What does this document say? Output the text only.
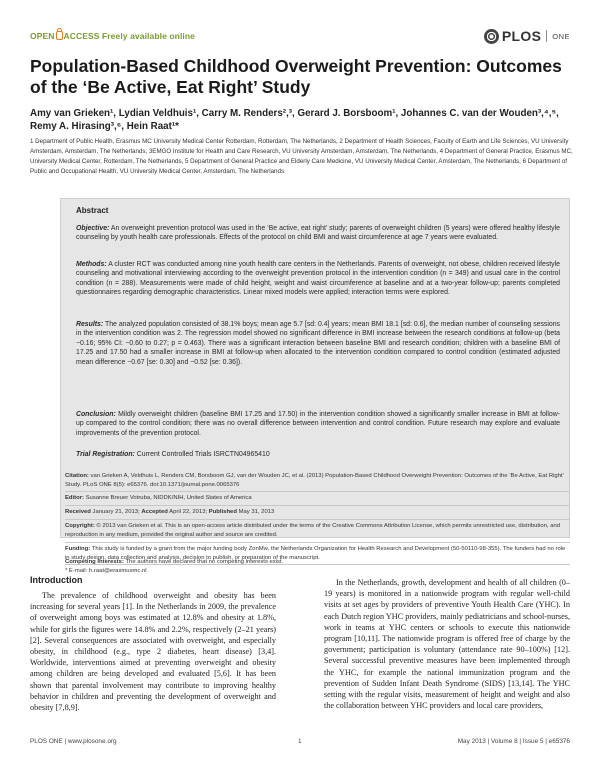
OPEN ACCESS Freely available online	PLOS ONE
Population-Based Childhood Overweight Prevention: Outcomes of the ‘Be Active, Eat Right’ Study
Amy van Grieken¹, Lydian Veldhuis¹, Carry M. Renders²,³, Gerard J. Borsboom¹, Johannes C. van der Wouden³,⁴,⁵, Remy A. Hirasing³,⁶, Hein Raat¹*
1 Department of Public Health, Erasmus MC University Medical Center Rotterdam, Rotterdam, The Netherlands, 2 Department of Health Sciences, Faculty of Earth and Life Sciences, VU University Amsterdam, Amsterdam, The Netherlands, 3EMGO Institute for Health and Care Research, VU University Amsterdam, Amsterdam, The Netherlands, 4 Department of General Practice, Erasmus MC, University Medical Center, Rotterdam, The Netherlands, 5 Department of General Practice and Elderly Care Medicine, VU University Medical Center, Amsterdam, The Netherlands, 6 Department of Public and Occupational Health, VU University Medical Center, Amsterdam, The Netherlands
Abstract

Objective: An overweight prevention protocol was used in the ‘Be active, eat right’ study; parents of overweight children (5 years) were offered healthy lifestyle counseling by youth health care professionals. Effects of the protocol on child BMI and waist circumference at age 7 years were evaluated.

Methods: A cluster RCT was conducted among nine youth health care centers in the Netherlands. Parents of overweight, not obese, children received lifestyle counseling and motivational interviewing according to the overweight prevention protocol in the intervention condition (n = 349) and usual care in the control condition (n = 288). Measurements were made of child height, weight and waist circumference at baseline and at a two-year follow-up; parents completed questionnaires regarding demographic characteristics. Linear mixed models were applied; interaction terms were explored.

Results: The analyzed population consisted of 38.1% boys; mean age 5.7 [sd: 0.4] years; mean BMI 18.1 [sd: 0.6], the median number of counseling sessions in the intervention condition was 2. The regression model showed no significant difference in BMI increase between the research conditions at follow-up (beta −0.16; 95% CI: −0.60 to 0.27; p = 0.463). There was a significant interaction between baseline BMI and research condition; children with a baseline BMI of 17.25 and 17.50 had a smaller increase in BMI at follow-up when allocated to the intervention condition compared to control condition (estimated adjusted mean difference −0.67 [se: 0.30] and −0.52 [se: 0.36]).

Conclusion: Mildly overweight children (baseline BMI 17.25 and 17.50) in the intervention condition showed a significantly smaller increase in BMI at follow-up compared to the control condition; there was no overall difference between intervention and control condition. Future research may explore and evaluate improvements of the prevention protocol.

Trial Registration: Current Controlled Trials ISRCTN04965410

Citation: van Grieken A, Veldhuis L, Renders CM, Borsboom GJ, van der Wouden JC, et al. (2013) Population-Based Childhood Overweight Prevention: Outcomes of the ‘Be Active, Eat Right’ Study. PLoS ONE 8(5): e65376. doi:10.1371/journal.pone.0065376
Editor: Susanne Breuer Votruba, NIDDK/NIH, United States of America
Received January 21, 2013; Accepted April 22, 2013; Published May 31, 2013
Copyright: © 2013 van Grieken et al. This is an open-access article distributed under the terms of the Creative Commons Attribution License, which permits unrestricted use, distribution, and reproduction in any medium, provided the original author and source are credited.
Funding: This study is funded by a grant from the major funding body ZonMw, the Netherlands Organization for Health Research and Development (50-50110-98-355). The funders had no role in study design, data collection and analysis, decision to publish, or preparation of the manuscript.
Introduction

The prevalence of childhood overweight and obesity has been increasing for several years [1]. In the Netherlands in 2009, the prevalence of overweight among boys was estimated at 12.8% and obesity at 1.8%, while for girls the figures were 14.8% and 2.2%, respectively (2–21 years) [2]. Several consequences are associated with overweight, and especially obesity, in childhood (e.g., type 2 diabetes, heart disease) [3,4]. Worldwide, interventions aimed at preventing overweight and obesity among children are being developed and evaluated [5,6]. It has been shown that parental involvement may contribute to improving healthy behavior in children and preventing the development of overweight and obesity [7,8,9].

In the Netherlands, growth, development and health of all children (0–19 years) is monitored in a nationwide program with regular well-child visits at set ages by providers of preventive Youth Health Care (YHC). In each Dutch region YHC providers, mainly pediatricians and school-nurses, work in teams at YHC centers or schools to execute this nationwide program [10,11]. The nationwide program is offered free of charge by the government; participation is voluntary (attendance rate 90–100%) [12]. Several successful preventive measures have been implemented through the YHC, for example the national immunization program and the prevention of Sudden Infant Death Syndrome (SIDS) [13,14]. The YHC setting with the regular visits, measurement of height and weight and also the collaboration between YHC providers and local care providers,

PLOS ONE | www.plosone.org	1	May 2013 | Volume 8 | Issue 5 | e65376
Competing Interests: The authors have declared that no competing interests exist.
* E-mail: h.raat@erasmusmc.nl
